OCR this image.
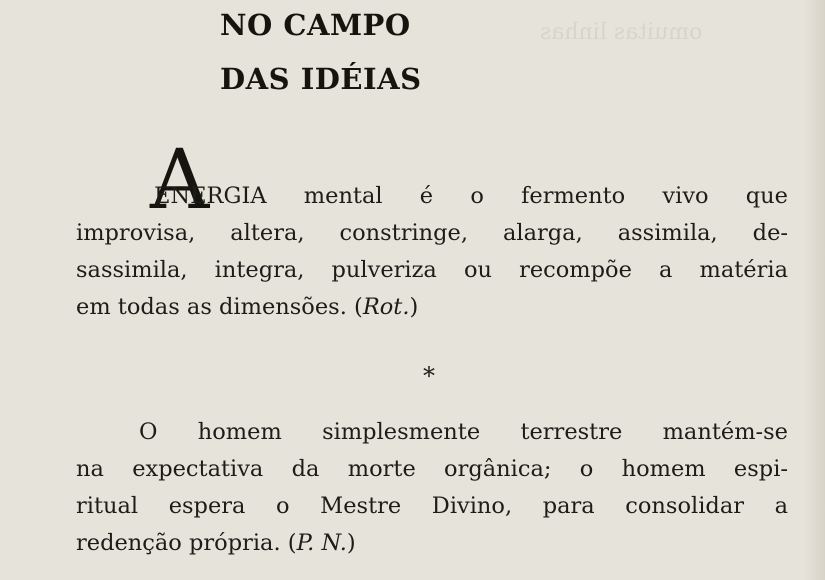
omuitas linhas
NO CAMPO
DAS IDÉIAS
A
ENERGIA mental é o fermento vivo que
improvisa, altera, constringe, alarga, assimila, de-
sassimila, integra, pulveriza ou recompõe a matéria
em todas as dimensões. (Rot.)
*
O homem simplesmente terrestre mantém-se
na expectativa da morte orgânica; o homem espi-
ritual espera o Mestre Divino, para consolidar a
redenção própria. (P. N.)
